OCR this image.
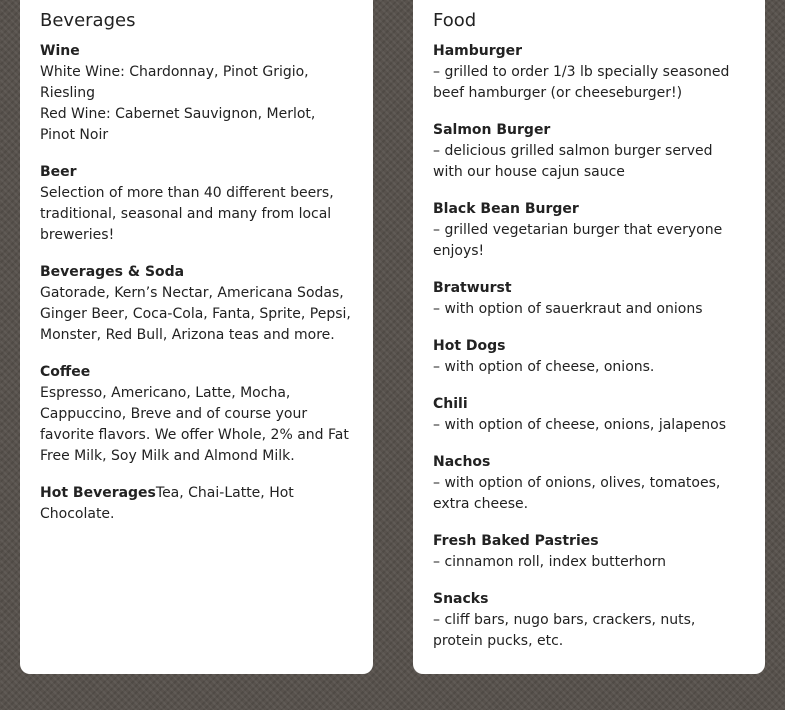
Beverages
Wine
White Wine: Chardonnay, Pinot Grigio, Riesling
Red Wine: Cabernet Sauvignon, Merlot, Pinot Noir
Beer
Selection of more than 40 different beers, traditional, seasonal and many from local breweries!
Beverages & Soda
Gatorade, Kern’s Nectar, Americana Sodas, Ginger Beer, Coca-Cola, Fanta, Sprite, Pepsi, Monster, Red Bull, Arizona teas and more.
Coffee
Espresso, Americano, Latte, Mocha, Cappuccino, Breve and of course your favorite flavors. We offer Whole, 2% and Fat Free Milk, Soy Milk and Almond Milk.
Hot BeveragesTea, Chai-Latte, Hot Chocolate.
Food
Hamburger
– grilled to order 1/3 lb specially seasoned beef hamburger (or cheeseburger!)
Salmon Burger
– delicious grilled salmon burger served with our house cajun sauce
Black Bean Burger
– grilled vegetarian burger that everyone enjoys!
Bratwurst
– with option of sauerkraut and onions
Hot Dogs
– with option of cheese, onions.
Chili
– with option of cheese, onions, jalapenos
Nachos
– with option of onions, olives, tomatoes, extra cheese.
Fresh Baked Pastries
– cinnamon roll, index butterhorn
Snacks
– cliff bars, nugo bars, crackers, nuts, protein pucks, etc.
